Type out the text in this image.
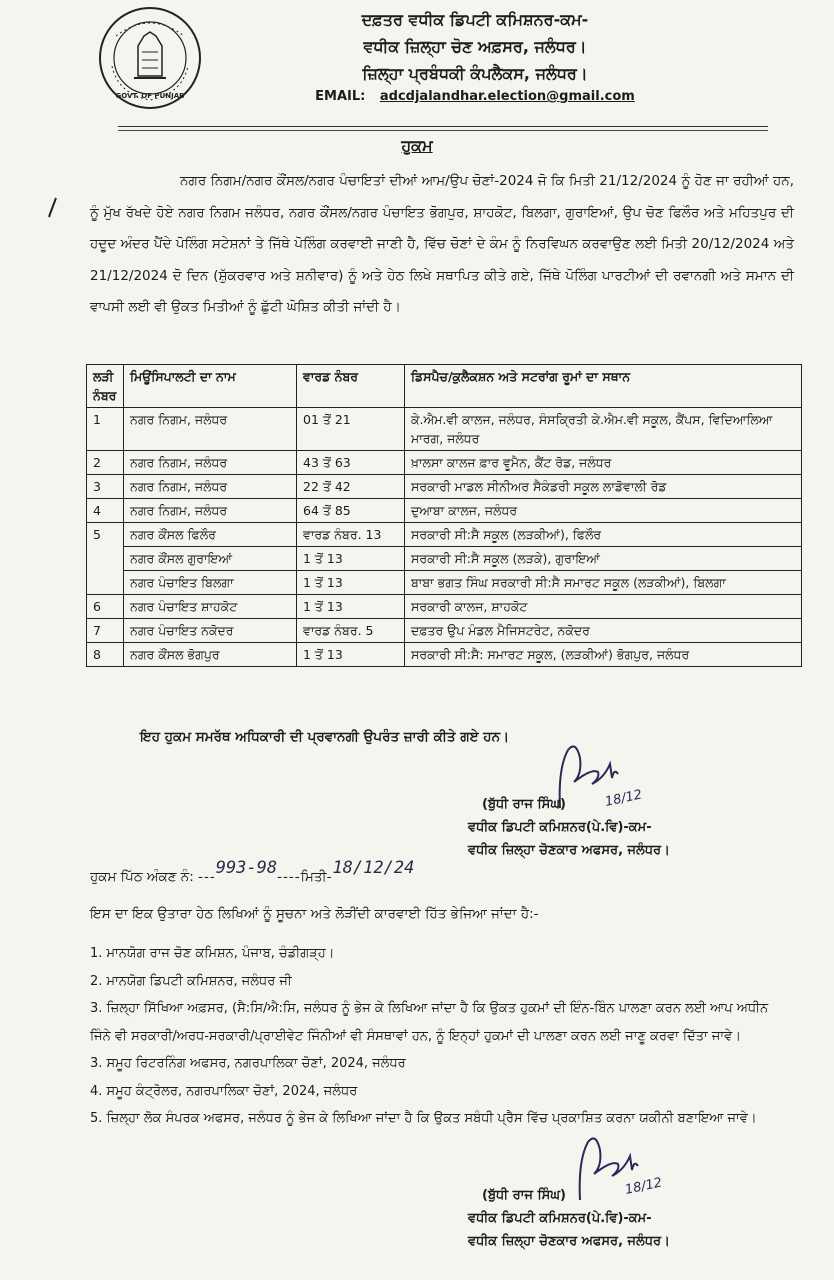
GOVT. OF PUNJAB
ਦਫ਼ਤਰ ਵਧੀਕ ਡਿਪਟੀ ਕਮਿਸ਼ਨਰ-ਕਮ-
ਵਧੀਕ ਜ਼ਿਲ੍ਹਾ ਚੋਣ ਅਫ਼ਸਰ, ਜਲੰਧਰ।
ਜ਼ਿਲ੍ਹਾ ਪ੍ਰਬੰਧਕੀ ਕੰਪਲੈਕਸ, ਜਲੰਧਰ।
EMAIL: adcdjalandhar.election@gmail.com
ਹੁਕਮ
ਨਗਰ ਨਿਗਮ/ਨਗਰ ਕੌਂਸਲ/ਨਗਰ ਪੰਚਾਇਤਾਂ ਦੀਆਂ ਆਮ/ਉਪ ਚੋਣਾਂ-2024 ਜੋ ਕਿ ਮਿਤੀ 21/12/2024 ਨੂੰ ਹੋਣ ਜਾ ਰਹੀਆਂ ਹਨ, ਨੂੰ ਮੁੱਖ ਰੱਖਦੇ ਹੋਏ ਨਗਰ ਨਿਗਮ ਜਲੰਧਰ, ਨਗਰ ਕੌਂਸਲ/ਨਗਰ ਪੰਚਾਇਤ ਭੋਗਪੁਰ, ਸ਼ਾਹਕੋਟ, ਬਿਲਗਾ, ਗੁਰਾਇਆਂ, ਉਪ ਚੋਣ ਫਿਲੌਰ ਅਤੇ ਮਹਿਤਪੁਰ ਦੀ ਹਦੂਦ ਅੰਦਰ ਪੈਂਦੇ ਪੋਲਿੰਗ ਸਟੇਸ਼ਨਾਂ ਤੇ ਜਿੱਥੇ ਪੋਲਿੰਗ ਕਰਵਾਈ ਜਾਣੀ ਹੈ, ਵਿੱਚ ਚੋਣਾਂ ਦੇ ਕੰਮ ਨੂੰ ਨਿਰਵਿਘਨ ਕਰਵਾਉਣ ਲਈ ਮਿਤੀ 20/12/2024 ਅਤੇ 21/12/2024 ਦੋ ਦਿਨ (ਸ਼ੁੱਕਰਵਾਰ ਅਤੇ ਸ਼ਨੀਵਾਰ) ਨੂੰ ਅਤੇ ਹੇਠ ਲਿਖੇ ਸਥਾਪਿਤ ਕੀਤੇ ਗਏ, ਜਿੱਥੇ ਪੋਲਿੰਗ ਪਾਰਟੀਆਂ ਦੀ ਰਵਾਨਗੀ ਅਤੇ ਸਮਾਨ ਦੀ ਵਾਪਸੀ ਲਈ ਵੀ ਉਕਤ ਮਿਤੀਆਂ ਨੂੰ ਛੁੱਟੀ ਘੋਸ਼ਿਤ ਕੀਤੀ ਜਾਂਦੀ ਹੈ।
ਲੜੀ ਨੰਬਰ	ਮਿਊਂਸਿਪਾਲਟੀ ਦਾ ਨਾਮ	ਵਾਰਡ ਨੰਬਰ	ਡਿਸਪੈਚ/ਕੁਲੈਕਸ਼ਨ ਅਤੇ ਸਟਰਾਂਗ ਰੂਮਾਂ ਦਾ ਸਥਾਨ
1	ਨਗਰ ਨਿਗਮ, ਜਲੰਧਰ	01 ਤੋਂ 21	ਕੇ.ਐਮ.ਵੀ ਕਾਲਜ, ਜਲੰਧਰ, ਸੰਸਕ੍ਰਿਤੀ ਕੇ.ਐਮ.ਵੀ ਸਕੂਲ, ਕੈਂਪਸ, ਵਿਦਿਆਲਿਆ ਮਾਰਗ, ਜਲੰਧਰ
2	ਨਗਰ ਨਿਗਮ, ਜਲੰਧਰ	43 ਤੋਂ 63	ਖ਼ਾਲਸਾ ਕਾਲਜ ਫ਼ਾਰ ਵੂਮੈਨ, ਕੈਂਟ ਰੋਡ, ਜਲੰਧਰ
3	ਨਗਰ ਨਿਗਮ, ਜਲੰਧਰ	22 ਤੋਂ 42	ਸਰਕਾਰੀ ਮਾਡਲ ਸੀਨੀਅਰ ਸੈਕੰਡਰੀ ਸਕੂਲ ਲਾਡੋਵਾਲੀ ਰੋਡ
4	ਨਗਰ ਨਿਗਮ, ਜਲੰਧਰ	64 ਤੋਂ 85	ਦੁਆਬਾ ਕਾਲਜ, ਜਲੰਧਰ
5	ਨਗਰ ਕੌਂਸਲ ਫਿਲੌਰ	ਵਾਰਡ ਨੰਬਰ. 13	ਸਰਕਾਰੀ ਸੀ:ਸੈ ਸਕੂਲ (ਲੜਕੀਆਂ), ਫਿਲੌਰ
	ਨਗਰ ਕੌਂਸਲ ਗੁਰਾਇਆਂ	1 ਤੋਂ 13	ਸਰਕਾਰੀ ਸੀ:ਸੈ ਸਕੂਲ (ਲੜਕੇ), ਗੁਰਾਇਆਂ
	ਨਗਰ ਪੰਚਾਇਤ ਬਿਲਗਾ	1 ਤੋਂ 13	ਬਾਬਾ ਭਗਤ ਸਿੰਘ ਸਰਕਾਰੀ ਸੀ:ਸੈ ਸਮਾਰਟ ਸਕੂਲ (ਲੜਕੀਆਂ), ਬਿਲਗਾ
6	ਨਗਰ ਪੰਚਾਇਤ ਸ਼ਾਹਕੋਟ	1 ਤੋਂ 13	ਸਰਕਾਰੀ ਕਾਲਜ, ਸ਼ਾਹਕੋਟ
7	ਨਗਰ ਪੰਚਾਇਤ ਨਕੋਦਰ	ਵਾਰਡ ਨੰਬਰ. 5	ਦਫ਼ਤਰ ਉਪ ਮੰਡਲ ਮੈਜਿਸਟਰੇਟ, ਨਕੋਦਰ
8	ਨਗਰ ਕੌਂਸਲ ਭੋਗਪੁਰ	1 ਤੋਂ 13	ਸਰਕਾਰੀ ਸੀ:ਸੈ: ਸਮਾਰਟ ਸਕੂਲ, (ਲੜਕੀਆਂ) ਭੋਗਪੁਰ, ਜਲੰਧਰ
ਇਹ ਹੁਕਮ ਸਮਰੱਥ ਅਧਿਕਾਰੀ ਦੀ ਪ੍ਰਵਾਨਗੀ ਉਪਰੰਤ ਜ਼ਾਰੀ ਕੀਤੇ ਗਏ ਹਨ।
18/12
(ਬੁੱਧੀ ਰਾਜ ਸਿੰਘ)
ਵਧੀਕ ਡਿਪਟੀ ਕਮਿਸ਼ਨਰ(ਪੇ.ਵਿ)-ਕਮ-
ਵਧੀਕ ਜ਼ਿਲ੍ਹਾ ਚੋਣਕਾਰ ਅਫਸਰ, ਜਲੰਧਰ।
ਹੁਕਮ ਪਿੱਠ ਅੰਕਣ ਨੰ: ---993-98----ਮਿਤੀ-18/12/24
ਇਸ ਦਾ ਇਕ ਉਤਾਰਾ ਹੇਠ ਲਿਖਿਆਂ ਨੂੰ ਸੂਚਨਾ ਅਤੇ ਲੋੜੀਂਦੀ ਕਾਰਵਾਈ ਹਿੱਤ ਭੇਜਿਆ ਜਾਂਦਾ ਹੈ:-
1. ਮਾਨਯੋਗ ਰਾਜ ਚੋਣ ਕਮਿਸ਼ਨ, ਪੰਜਾਬ, ਚੰਡੀਗੜ੍ਹ।
2. ਮਾਨਯੋਗ ਡਿਪਟੀ ਕਮਿਸ਼ਨਰ, ਜਲੰਧਰ ਜੀ
3. ਜ਼ਿਲ੍ਹਾ ਸਿੱਖਿਆ ਅਫ਼ਸਰ, (ਸੈ:ਸਿ/ਐ:ਸਿ, ਜਲੰਧਰ ਨੂੰ ਭੇਜ ਕੇ ਲਿਖਿਆ ਜਾਂਦਾ ਹੈ ਕਿ ਉਕਤ ਹੁਕਮਾਂ ਦੀ ਇੰਨ-ਬਿੰਨ ਪਾਲਣਾ ਕਰਨ ਲਈ ਆਪ ਅਧੀਨ ਜਿੰਨੇ ਵੀ ਸਰਕਾਰੀ/ਅਰਧ-ਸਰਕਾਰੀ/ਪ੍ਰਾਈਵੇਟ ਜਿੰਨੀਆਂ ਵੀ ਸੰਸਥਾਵਾਂ ਹਨ, ਨੂੰ ਇਨ੍ਹਾਂ ਹੁਕਮਾਂ ਦੀ ਪਾਲਣਾ ਕਰਨ ਲਈ ਜਾਣੂ ਕਰਵਾ ਦਿੱਤਾ ਜਾਵੇ।
3. ਸਮੂਹ ਰਿਟਰਨਿੰਗ ਅਫਸਰ, ਨਗਰਪਾਲਿਕਾ ਚੋਣਾਂ, 2024, ਜਲੰਧਰ
4. ਸਮੂਹ ਕੰਟ੍ਰੋਲਰ, ਨਗਰਪਾਲਿਕਾ ਚੋਣਾਂ, 2024, ਜਲੰਧਰ
5. ਜ਼ਿਲ੍ਹਾ ਲੋਕ ਸੰਪਰਕ ਅਫਸਰ, ਜਲੰਧਰ ਨੂੰ ਭੇਜ ਕੇ ਲਿਖਿਆ ਜਾਂਦਾ ਹੈ ਕਿ ਉਕਤ ਸਬੰਧੀ ਪ੍ਰੈਸ ਵਿੱਚ ਪ੍ਰਕਾਸ਼ਿਤ ਕਰਨਾ ਯਕੀਨੀ ਬਣਾਇਆ ਜਾਵੇ।
18/12
(ਬੁੱਧੀ ਰਾਜ ਸਿੰਘ)
ਵਧੀਕ ਡਿਪਟੀ ਕਮਿਸ਼ਨਰ(ਪੇ.ਵਿ)-ਕਮ-
ਵਧੀਕ ਜ਼ਿਲ੍ਹਾ ਚੋਣਕਾਰ ਅਫਸਰ, ਜਲੰਧਰ।
